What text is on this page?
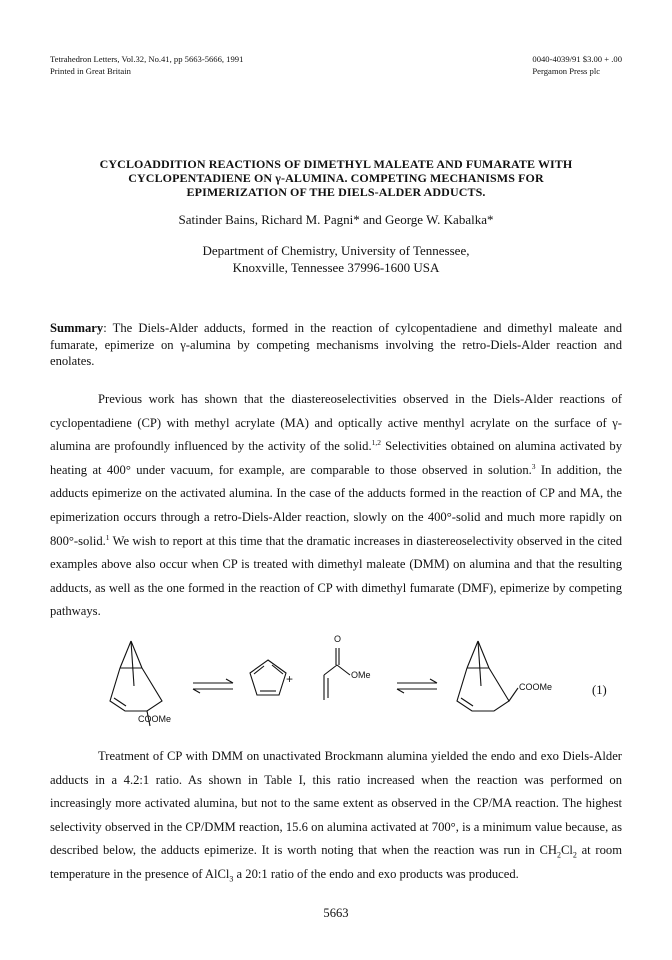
Tetrahedron Letters, Vol.32, No.41, pp 5663-5666, 1991
Printed in Great Britain
0040-4039/91 $3.00 + .00
Pergamon Press plc
CYCLOADDITION REACTIONS OF DIMETHYL MALEATE AND FUMARATE WITH
CYCLOPENTADIENE ON γ-ALUMINA. COMPETING MECHANISMS FOR
EPIMERIZATION OF THE DIELS-ALDER ADDUCTS.
Satinder Bains, Richard M. Pagni* and George W. Kabalka*
Department of Chemistry, University of Tennessee,
Knoxville, Tennessee 37996-1600 USA
Summary: The Diels-Alder adducts, formed in the reaction of cylcopentadiene and dimethyl maleate and fumarate, epimerize on γ-alumina by competing mechanisms involving the retro-Diels-Alder reaction and enolates.
Previous work has shown that the diastereoselectivities observed in the Diels-Alder reactions of cyclopentadiene (CP) with methyl acrylate (MA) and optically active menthyl acrylate on the surface of γ-alumina are profoundly influenced by the activity of the solid.$^{1,2}$ Selectivities obtained on alumina activated by heating at 400° under vacuum, for example, are comparable to those observed in solution.$^3$ In addition, the adducts epimerize on the activated alumina. In the case of the adducts formed in the reaction of CP and MA, the epimerization occurs through a retro-Diels-Alder reaction, slowly on the 400°-solid and much more rapidly on 800°-solid.$^1$ We wish to report at this time that the dramatic increases in diastereoselectivity observed in the cited examples above also occur when CP is treated with dimethyl maleate (DMM) on alumina and that the resulting adducts, as well as the one formed in the reaction of CP with dimethyl fumarate (DMF), epimerize by competing pathways.
COOMe
+
O
OMe
COOMe	(1)
Treatment of CP with DMM on unactivated Brockmann alumina yielded the endo and exo Diels-Alder adducts in a 4.2:1 ratio. As shown in Table I, this ratio increased when the reaction was performed on increasingly more activated alumina, but not to the same extent as observed in the CP/MA reaction. The highest selectivity observed in the CP/DMM reaction, 15.6 on alumina activated at 700°, is a minimum value because, as described below, the adducts epimerize. It is worth noting that when the reaction was run in $CH_2Cl_2$ at room temperature in the presence of AlCl$_3$ a 20:1 ratio of the endo and exo products was produced.
5663
